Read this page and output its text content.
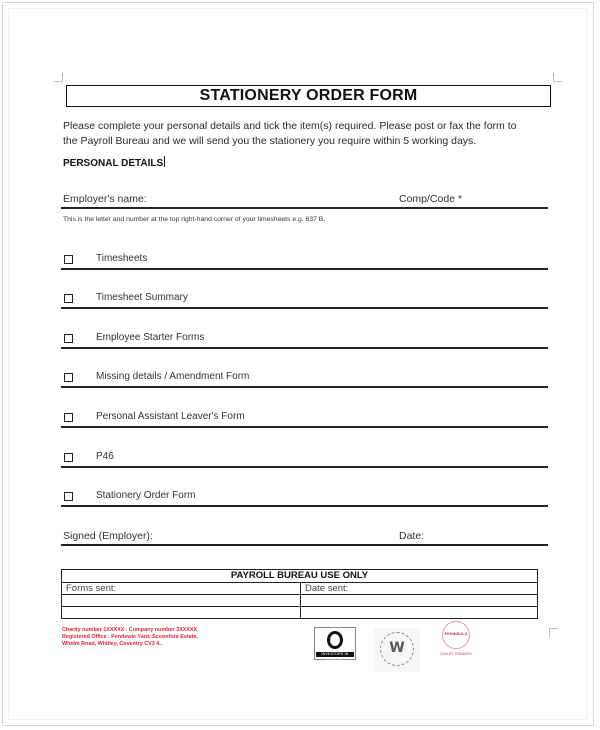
STATIONERY ORDER FORM
Please complete your personal details and tick the item(s) required. Please post or fax the form to
the Payroll Bureau and we will send you the stationery you require within 5 working days.
PERSONAL DETAILS
Employer's name:	Comp/Code *
This is the letter and number at the top right-hand corner of your timesheets e.g. 637 B.
Timesheets
Timesheet Summary
Employee Starter Forms
Missing details / Amendment Form
Personal Assistant Leaver's Form
P46
Stationery Order Form
Signed (Employer):	Date:
PAYROLL BUREAU USE ONLY
Forms sent:	Date sent:
Charity number 1XXXXX . Company number 3XXXXX
Registered Office . Pendewle Yard, Scoonfore Estate,
Whelm Road, Whitley, Coventry CV3 4..
INVESTORS IN PEOPLE
W
PENINSULA
QUALITY STANDARD
